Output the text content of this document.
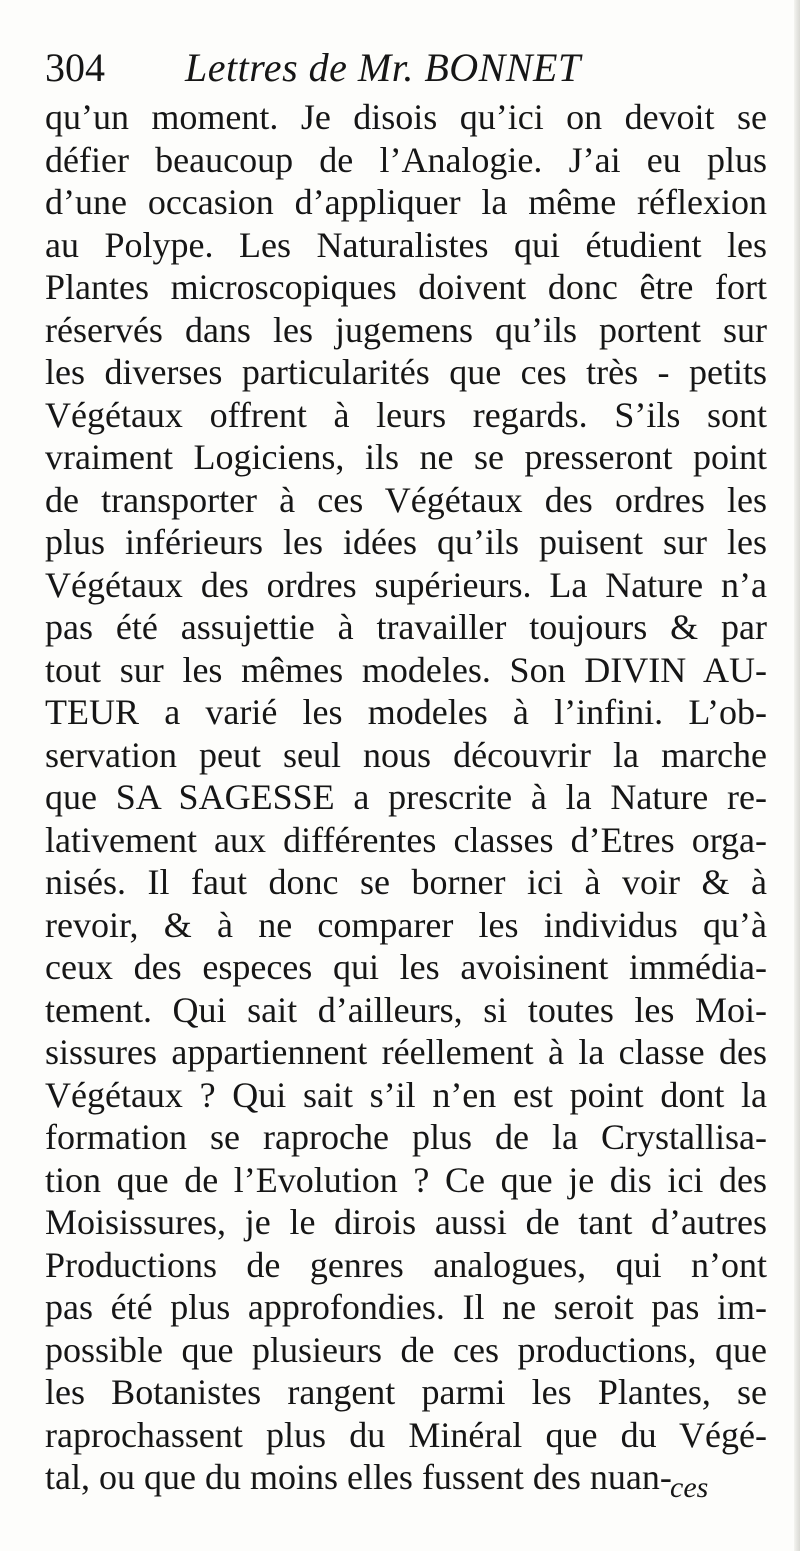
304 Lettres de Mr. BONNET
qu’un moment. Je disois qu’ici on devoit se
défier beaucoup de l’Analogie. J’ai eu plus
d’une occasion d’appliquer la même réflexion
au Polype. Les Naturalistes qui étudient les
Plantes microscopiques doivent donc être fort
réservés dans les jugemens qu’ils portent sur
les diverses particularités que ces très - petits
Végétaux offrent à leurs regards. S’ils sont
vraiment Logiciens, ils ne se presseront point
de transporter à ces Végétaux des ordres les
plus inférieurs les idées qu’ils puisent sur les
Végétaux des ordres supérieurs. La Nature n’a
pas été assujettie à travailler toujours & par
tout sur les mêmes modeles. Son DIVIN AU-
TEUR a varié les modeles à l’infini. L’ob-
servation peut seul nous découvrir la marche
que SA SAGESSE a prescrite à la Nature re-
lativement aux différentes classes d’Etres orga-
nisés. Il faut donc se borner ici à voir & à
revoir, & à ne comparer les individus qu’à
ceux des especes qui les avoisinent immédia-
tement. Qui sait d’ailleurs, si toutes les Moi-
sissures appartiennent réellement à la classe des
Végétaux ? Qui sait s’il n’en est point dont la
formation se raproche plus de la Crystallisa-
tion que de l’Evolution ? Ce que je dis ici des
Moisissures, je le dirois aussi de tant d’autres
Productions de genres analogues, qui n’ont
pas été plus approfondies. Il ne seroit pas im-
possible que plusieurs de ces productions, que
les Botanistes rangent parmi les Plantes, se
raprochassent plus du Minéral que du Végé-
tal, ou que du moins elles fussent des nuan-
ces
